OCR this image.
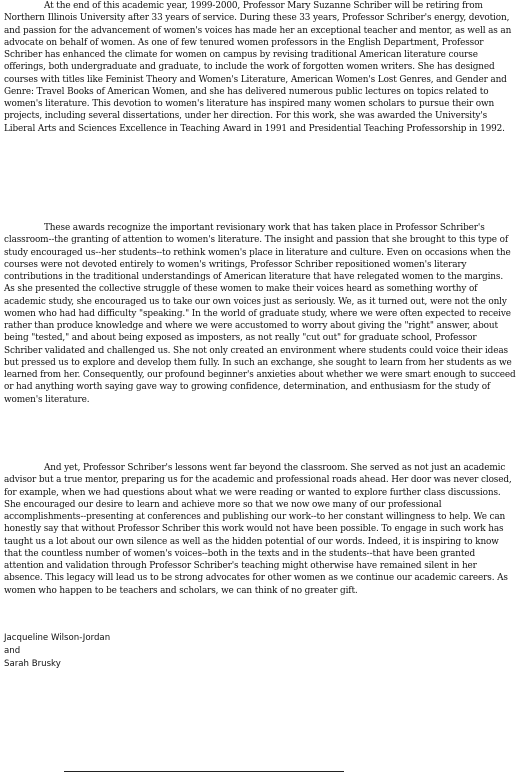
At the end of this academic year, 1999-2000, Professor Mary Suzanne Schriber will be retiring from Northern Illinois University after 33 years of service. During these 33 years, Professor Schriber's energy, devotion, and passion for the advancement of women's voices has made her an exceptional teacher and mentor, as well as an advocate on behalf of women. As one of few tenured women professors in the English Department, Professor Schriber has enhanced the climate for women on campus by revising traditional American literature course offerings, both undergraduate and graduate, to include the work of forgotten women writers. She has designed courses with titles like Feminist Theory and Women's Literature, American Women's Lost Genres, and Gender and Genre: Travel Books of American Women, and she has delivered numerous public lectures on topics related to women's literature. This devotion to women's literature has inspired many women scholars to pursue their own projects, including several dissertations, under her direction. For this work, she was awarded the University's Liberal Arts and Sciences Excellence in Teaching Award in 1991 and Presidential Teaching Professorship in 1992.

These awards recognize the important revisionary work that has taken place in Professor Schriber's classroom--the granting of attention to women's literature. The insight and passion that she brought to this type of study encouraged us--her students--to rethink women's place in literature and culture. Even on occasions when the courses were not devoted entirely to women's writings, Professor Schriber repositioned women's literary contributions in the traditional understandings of American literature that have relegated women to the margins. As she presented the collective struggle of these women to make their voices heard as something worthy of academic study, she encouraged us to take our own voices just as seriously. We, as it turned out, were not the only women who had had difficulty "speaking." In the world of graduate study, where we were often expected to receive rather than produce knowledge and where we were accustomed to worry about giving the "right" answer, about being "tested," and about being exposed as imposters, as not really "cut out" for graduate school, Professor Schriber validated and challenged us. She not only created an environment where students could voice their ideas but pressed us to explore and develop them fully. In such an exchange, she sought to learn from her students as we learned from her. Consequently, our profound beginner's anxieties about whether we were smart enough to succeed or had anything worth saying gave way to growing confidence, determination, and enthusiasm for the study of women's literature.

And yet, Professor Schriber's lessons went far beyond the classroom. She served as not just an academic advisor but a true mentor, preparing us for the academic and professional roads ahead. Her door was never closed, for example, when we had questions about what we were reading or wanted to explore further class discussions. She encouraged our desire to learn and achieve more so that we now owe many of our professional accomplishments--presenting at conferences and publishing our work--to her constant willingness to help. We can honestly say that without Professor Schriber this work would not have been possible. To engage in such work has taught us a lot about our own silence as well as the hidden potential of our words. Indeed, it is inspiring to know that the countless number of women's voices--both in the texts and in the students--that have been granted attention and validation through Professor Schriber's teaching might otherwise have remained silent in her absence. This legacy will lead us to be strong advocates for other women as we continue our academic careers. As women who happen to be teachers and scholars, we can think of no greater gift.

Jacqueline Wilson-Jordan

and

Sarah Brusky
